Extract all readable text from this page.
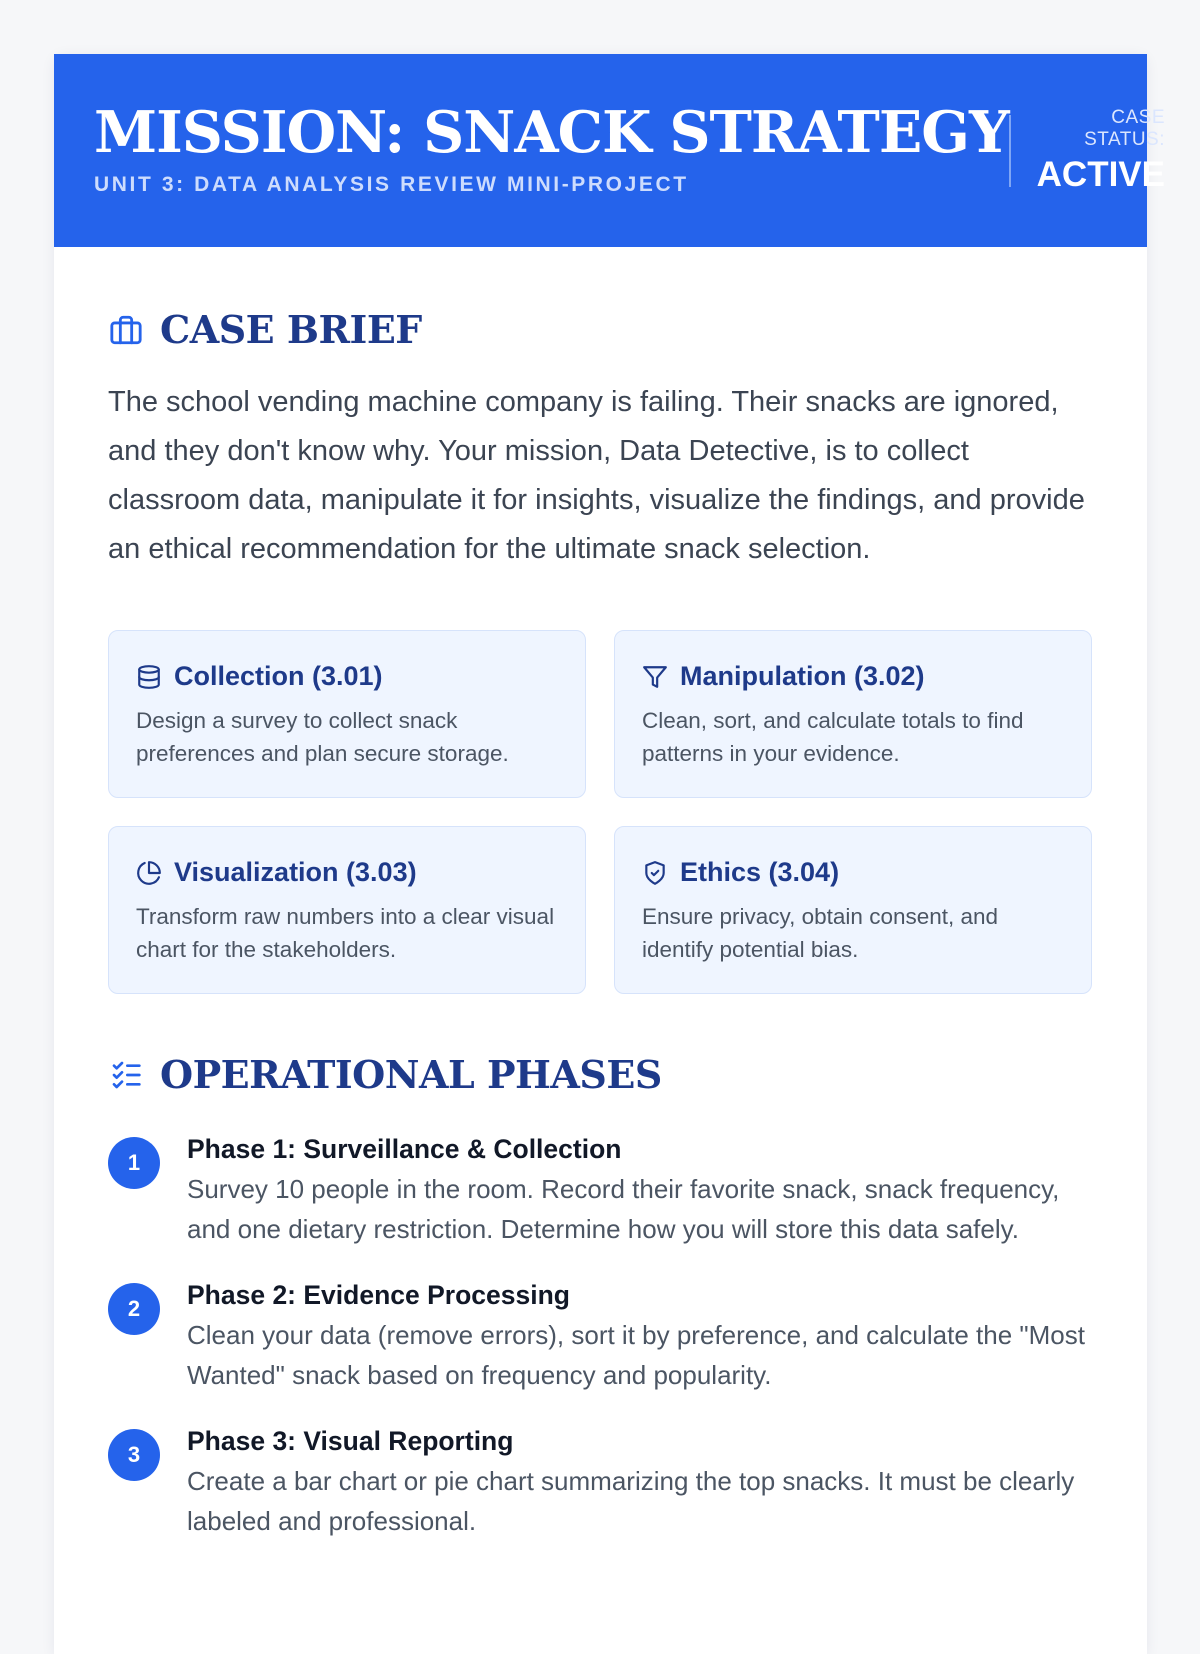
MISSION: SNACK STRATEGY
UNIT 3: DATA ANALYSIS REVIEW MINI-PROJECT
CASE STATUS:
ACTIVE
CASE BRIEF

The school vending machine company is failing. Their snacks are ignored, and they don't know why. Your mission, Data Detective, is to collect classroom data, manipulate it for insights, visualize the findings, and provide an ethical recommendation for the ultimate snack selection.

Collection (3.01)
Design a survey to collect snack preferences and plan secure storage.
Manipulation (3.02)
Clean, sort, and calculate totals to find patterns in your evidence.
Visualization (3.03)
Transform raw numbers into a clear visual chart for the stakeholders.
Ethics (3.04)
Ensure privacy, obtain consent, and identify potential bias.
OPERATIONAL PHASES
1	Phase 1: Surveillance & Collection
Survey 10 people in the room. Record their favorite snack, snack frequency, and one dietary restriction. Determine how you will store this data safely.
2	Phase 2: Evidence Processing
Clean your data (remove errors), sort it by preference, and calculate the "Most Wanted" snack based on frequency and popularity.
3	Phase 3: Visual Reporting
Create a bar chart or pie chart summarizing the top snacks. It must be clearly labeled and professional.
